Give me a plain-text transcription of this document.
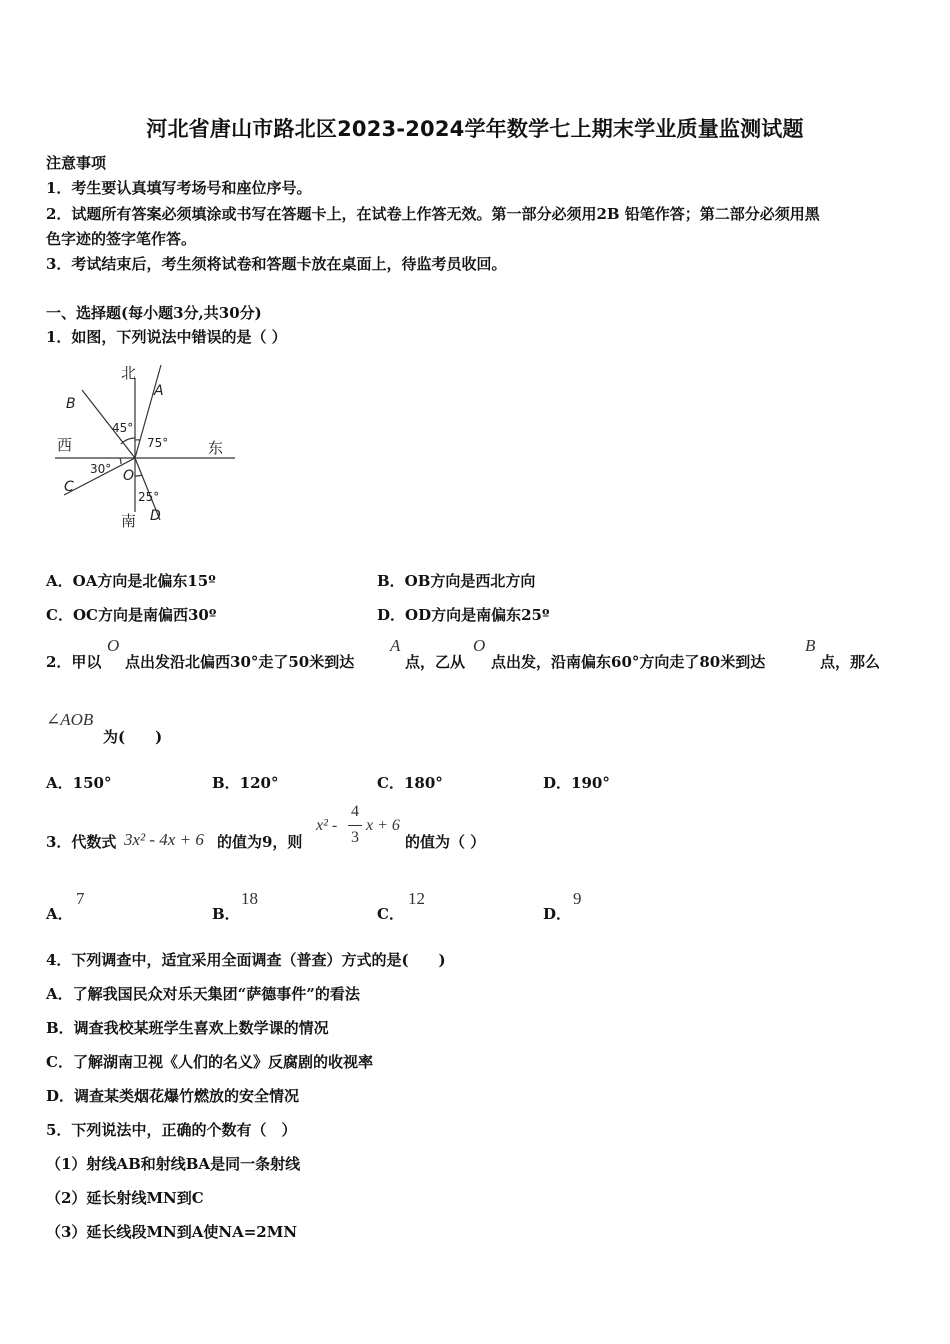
河北省唐山市路北区2023-2024学年数学七上期末学业质量监测试题
注意事项
1．考生要认真填写考场号和座位序号。
2．试题所有答案必须填涂或书写在答题卡上，在试卷上作答无效。第一部分必须用2B 铅笔作答；第二部分必须用黑
色字迹的签字笔作答。
3．考试结束后，考生须将试卷和答题卡放在桌面上，待监考员收回。
一、选择题(每小题3分,共30分)
1．如图，下列说法中错误的是（ ）
北
南
西	东
A
B
C
D
O
45°
75°
30°
25°
A．OA方向是北偏东15º	B．OB方向是西北方向
C．OC方向是南偏西30º	D．OD方向是南偏东25º
2．甲以
O
点出发沿北偏西30°走了50米到达
A
点，乙从
O
点出发，沿南偏东60°方向走了80米到达
B
点，那么
∠AOB
为(　　)
A．150°	B．120°	C．180°	D．190°
3．代数式 3x² - 4x + 6 的值为9，则
x² -
4
3
x + 6
的值为（ ）
A．
7
B．
18
C．
12
D．
9
4．下列调查中，适宜采用全面调查（普查）方式的是(　　)
A．了解我国民众对乐天集团“萨德事件”的看法
B．调查我校某班学生喜欢上数学课的情况
C．了解湖南卫视《人们的名义》反腐剧的收视率
D．调查某类烟花爆竹燃放的安全情况
5．下列说法中，正确的个数有（　）
（1）射线AB和射线BA是同一条射线
（2）延长射线MN到C
（3）延长线段MN到A使NA=2MN
